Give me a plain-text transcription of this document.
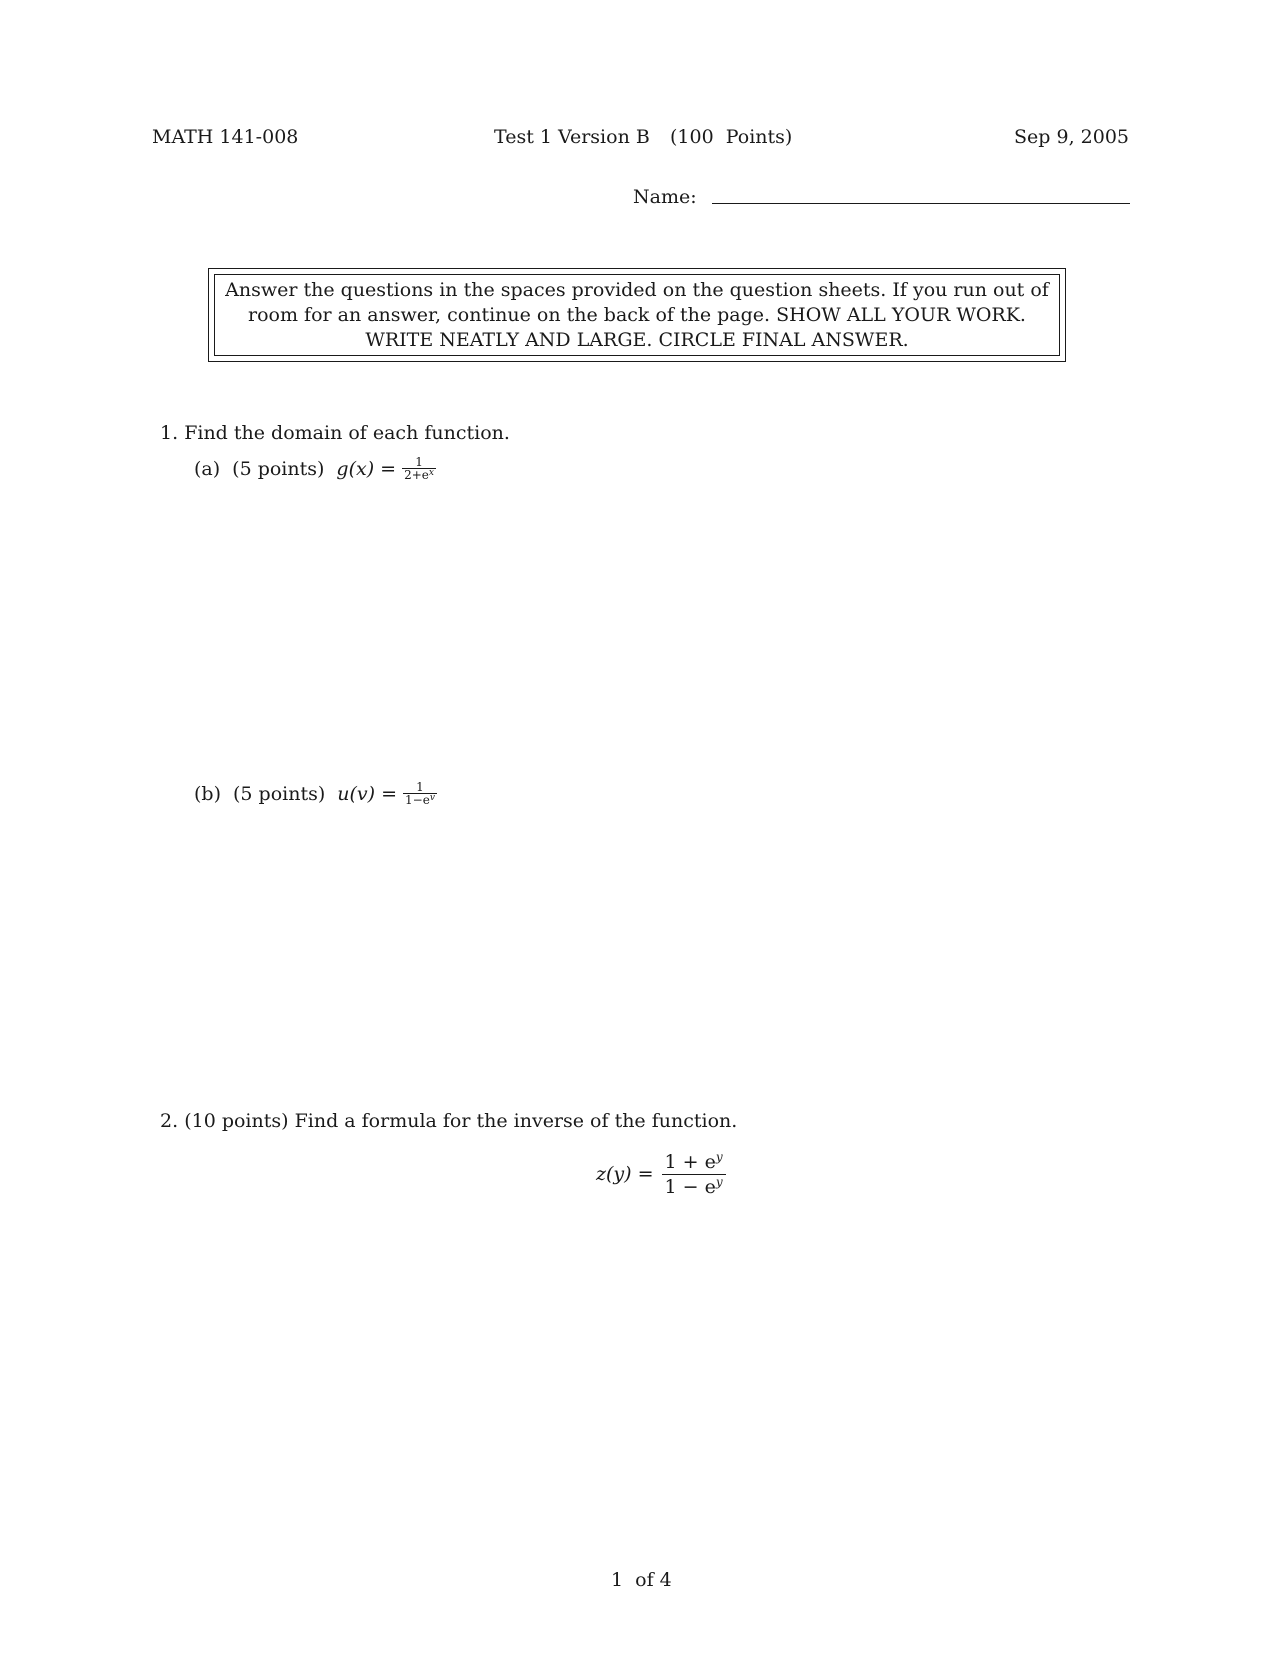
MATH 141-008	Test 1 Version B (100  Points)	Sep 9, 2005
Name:
Answer the questions in the spaces provided on the question sheets. If you run out of
room for an answer, continue on the back of the page. SHOW ALL YOUR WORK.
WRITE NEATLY AND LARGE. CIRCLE FINAL ANSWER.
1. Find the domain of each function.
(a) (5 points) $g(x) = \frac{1}{2+e^x}$
(b) (5 points) $u(v) = \frac{1}{1-e^v}$
2. (10 points) Find a formula for the inverse of the function.
$z(y) = \frac{1 + e^y}{1 - e^y}$
1  of 4
